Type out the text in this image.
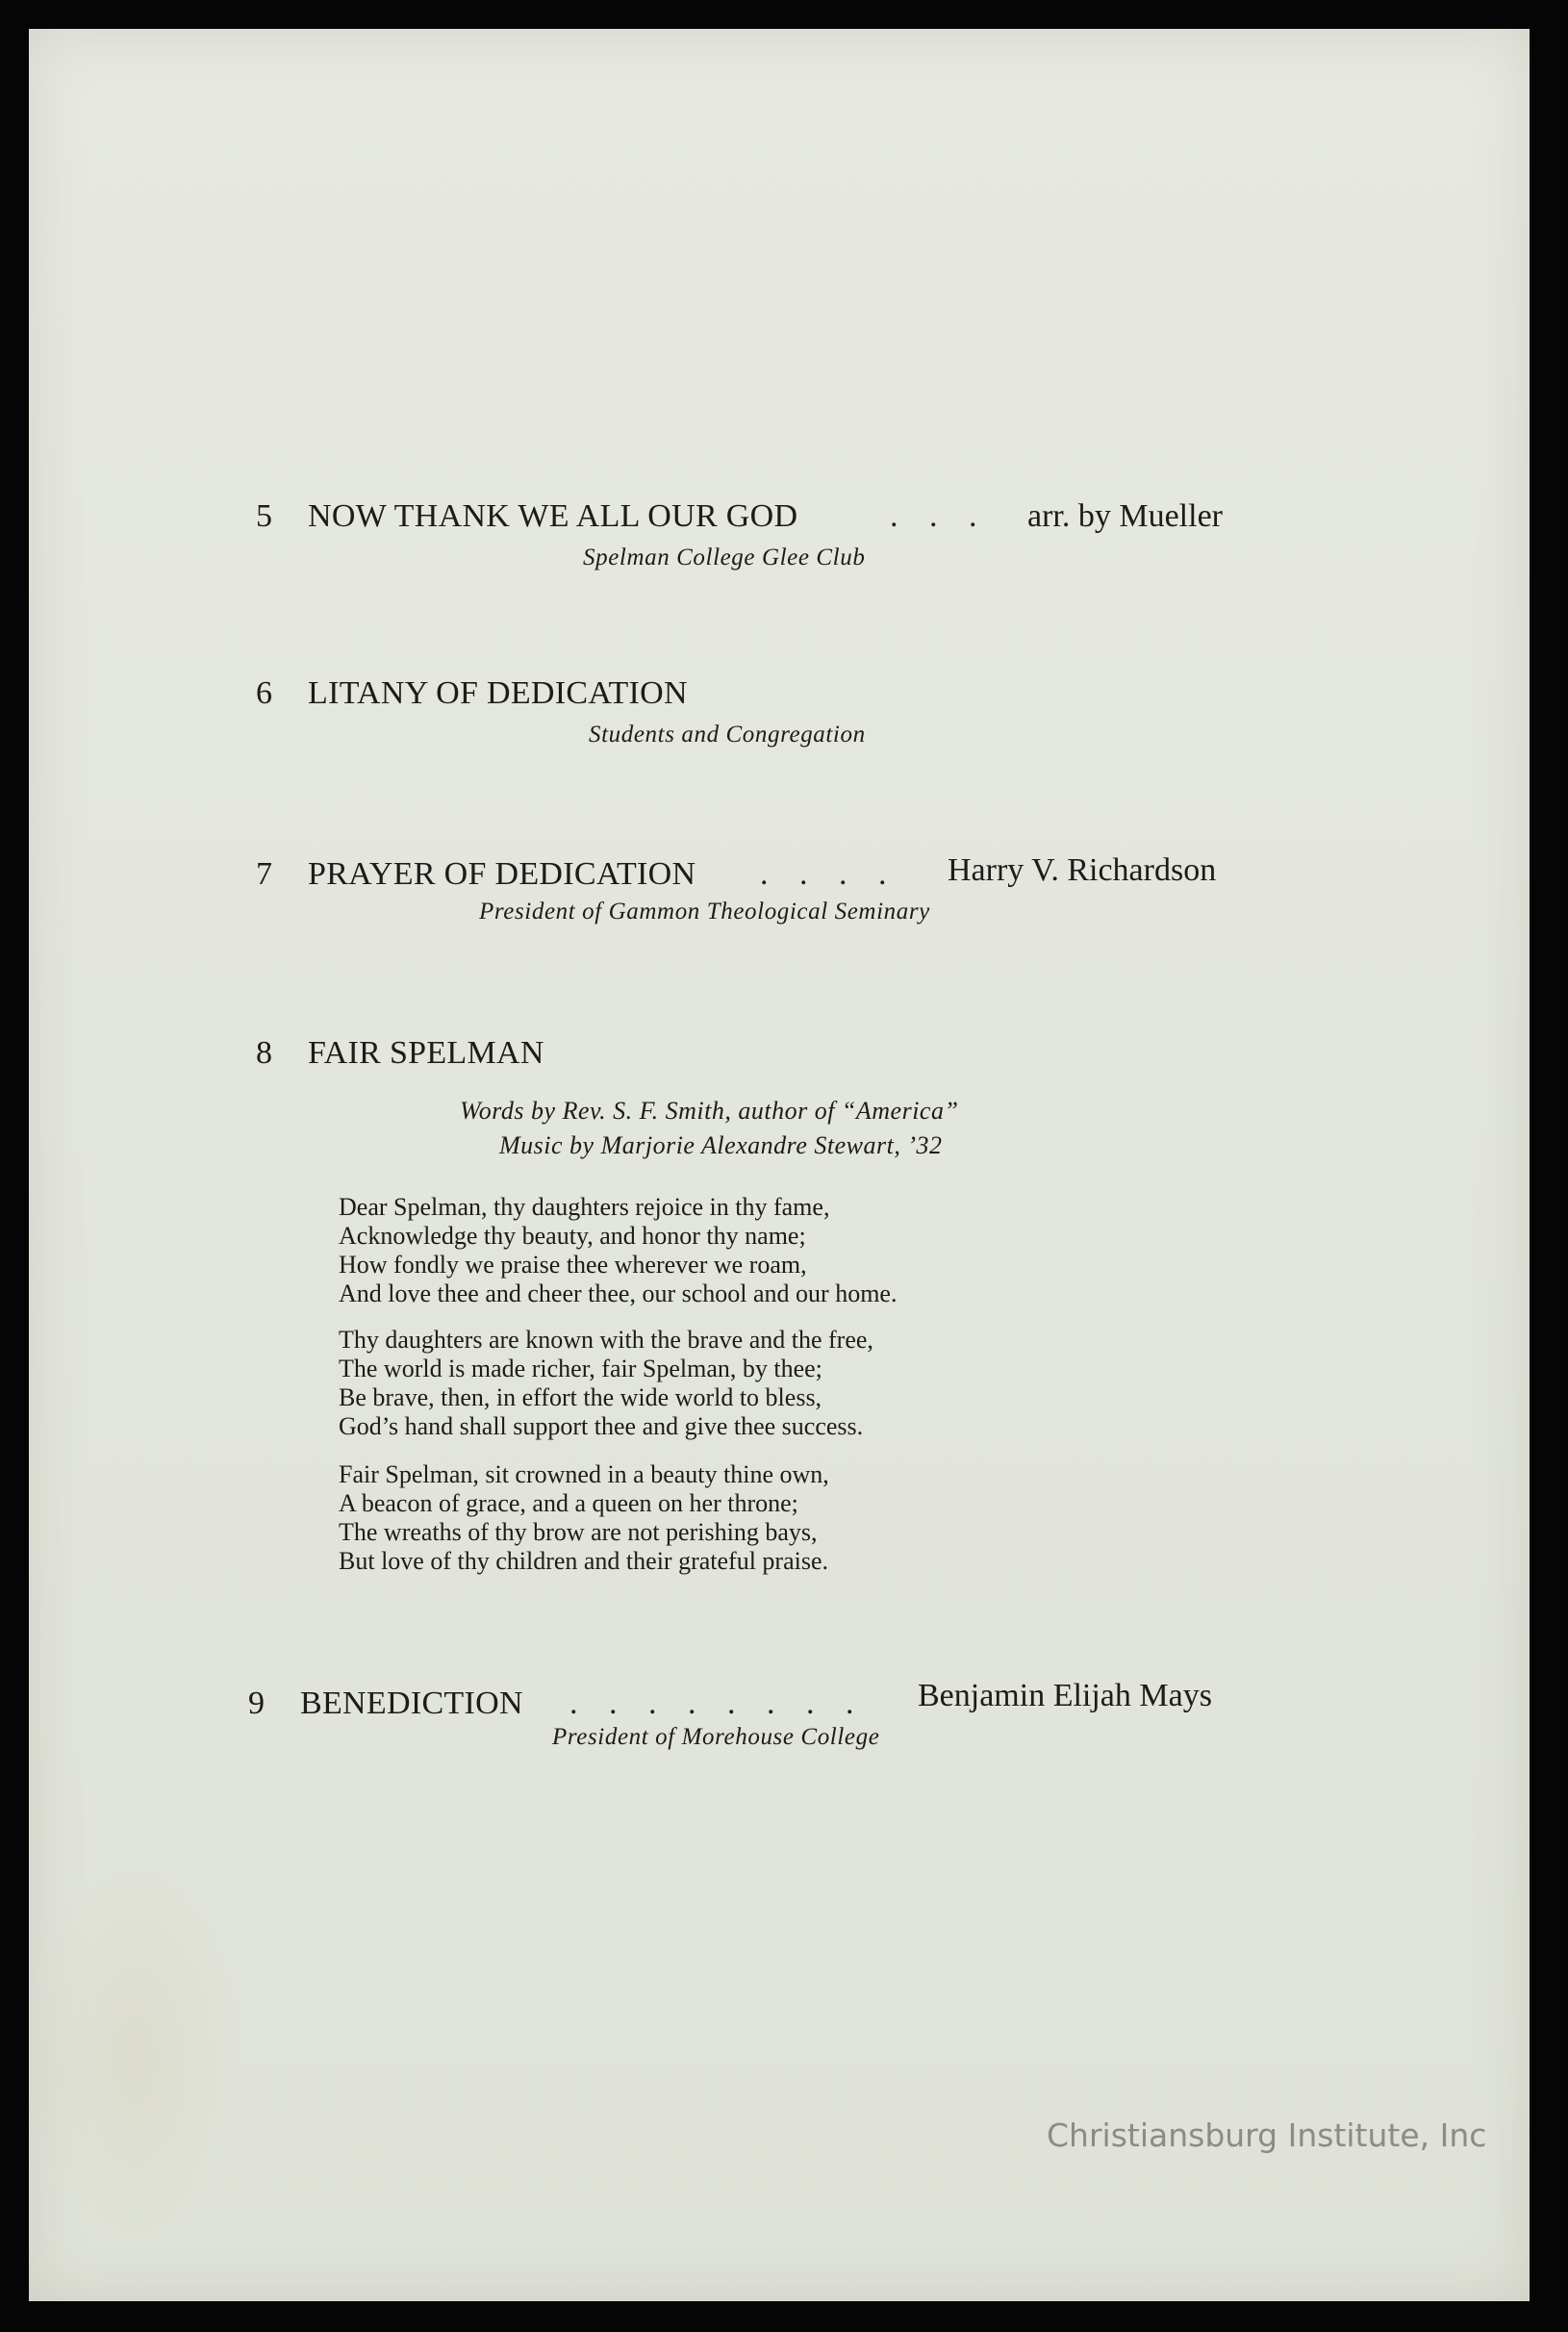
5 NOW THANK WE ALL OUR GOD	. . . arr. by Mueller
Spelman College Glee Club
6 LITANY OF DEDICATION
Students and Congregation
7 PRAYER OF DEDICATION . . . . Harry V. Richardson
President of Gammon Theological Seminary
8 FAIR SPELMAN
Words by Rev. S. F. Smith, author of “America”
Music by Marjorie Alexandre Stewart, ’32
Dear Spelman, thy daughters rejoice in thy fame,
Acknowledge thy beauty, and honor thy name;
How fondly we praise thee wherever we roam,
And love thee and cheer thee, our school and our home.
Thy daughters are known with the brave and the free,
The world is made richer, fair Spelman, by thee;
Be brave, then, in effort the wide world to bless,
God’s hand shall support thee and give thee success.
Fair Spelman, sit crowned in a beauty thine own,
A beacon of grace, and a queen on her throne;
The wreaths of thy brow are not perishing bays,
But love of thy children and their grateful praise.
9 BENEDICTION . . . . . . . . Benjamin Elijah Mays
President of Morehouse College
Christiansburg Institute, Inc
